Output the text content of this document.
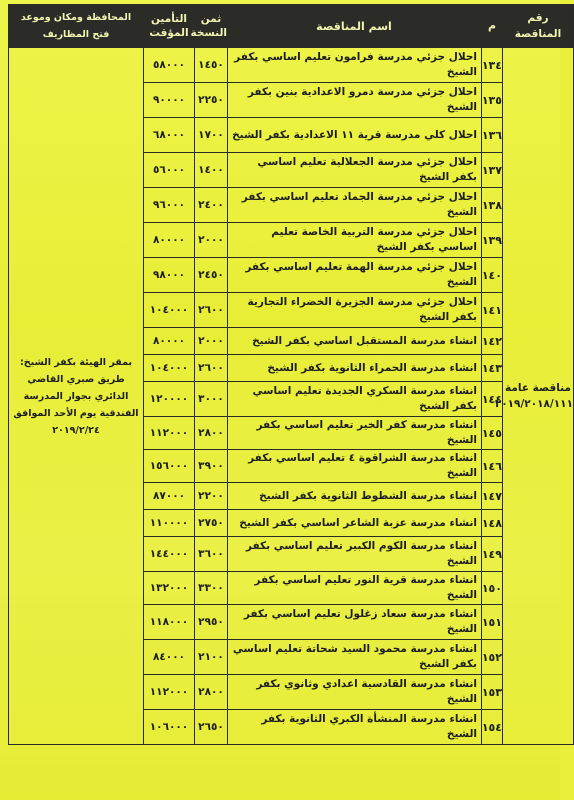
رقم المناقصة	م	اسم المناقصة	ثمن النسخة	التأمين المؤقت	المحافظة ومكان وموعد فتح المظاريف
مناقصة عامة ٢٠١٩/٢٠١٨/١١١	١٣٤	احلال جزئي مدرسة فرامون تعليم اساسي بكفر الشيخ	١٤٥٠	٥٨٠٠٠	بمقر الهيئة بكفر الشيخ: طريق صبري القاضي الدائري بجوار المدرسة الفندقية يوم الأحد الموافق ٢٠١٩/٢/٢٤
	١٣٥	احلال جزئي مدرسة دمرو الاعدادية بنين بكفر الشيخ	٢٢٥٠	٩٠٠٠٠	
	١٣٦	احلال كلي مدرسة قرية ١١ الاعدادية بكفر الشيخ	١٧٠٠	٦٨٠٠٠	
	١٣٧	احلال جزئي مدرسة الجعلالية تعليم اساسي بكفر الشيخ	١٤٠٠	٥٦٠٠٠	
	١٣٨	احلال جزئي مدرسة الجماد تعليم اساسي بكفر الشيخ	٢٤٠٠	٩٦٠٠٠	
	١٣٩	احلال جزئي مدرسة التربية الخاصة تعليم اساسي بكفر الشيخ	٢٠٠٠	٨٠٠٠٠	
	١٤٠	احلال جزئي مدرسة الهمة تعليم اساسي بكفر الشيخ	٢٤٥٠	٩٨٠٠٠	
	١٤١	احلال جزئي مدرسة الجزيرة الخضراء التجارية بكفر الشيخ	٢٦٠٠	١٠٤٠٠٠	
	١٤٢	انشاء مدرسة المستقبل اساسي بكفر الشيخ	٢٠٠٠	٨٠٠٠٠	
	١٤٣	انشاء مدرسة الحمراء الثانوية بكفر الشيخ	٢٦٠٠	١٠٤٠٠٠	
	١٤٤	انشاء مدرسة السكري الجديدة تعليم اساسي بكفر الشيخ	٣٠٠٠	١٢٠٠٠٠	
	١٤٥	انشاء مدرسة كفر الخير تعليم اساسي بكفر الشيخ	٢٨٠٠	١١٢٠٠٠	
	١٤٦	انشاء مدرسة الشراقوة ٤ تعليم اساسي بكفر الشيخ	٣٩٠٠	١٥٦٠٠٠	
	١٤٧	انشاء مدرسة الشطوط الثانوية بكفر الشيخ	٢٢٠٠	٨٧٠٠٠	
	١٤٨	انشاء مدرسة عزبة الشاعر اساسي بكفر الشيخ	٢٧٥٠	١١٠٠٠٠	
	١٤٩	انشاء مدرسة الكوم الكبير تعليم اساسي بكفر الشيخ	٣٦٠٠	١٤٤٠٠٠	
	١٥٠	انشاء مدرسة قرية النور تعليم اساسي بكفر الشيخ	٣٣٠٠	١٣٢٠٠٠	
	١٥١	انشاء مدرسة سعاد زغلول تعليم اساسي بكفر الشيخ	٢٩٥٠	١١٨٠٠٠	
	١٥٢	انشاء مدرسة محمود السيد شحاتة تعليم اساسي بكفر الشيخ	٢١٠٠	٨٤٠٠٠	
	١٥٣	انشاء مدرسة القادسية اعدادي وثانوي بكفر الشيخ	٢٨٠٠	١١٢٠٠٠	
	١٥٤	انشاء مدرسة المنشأة الكبري الثانوية بكفر الشيخ	٢٦٥٠	١٠٦٠٠٠	
